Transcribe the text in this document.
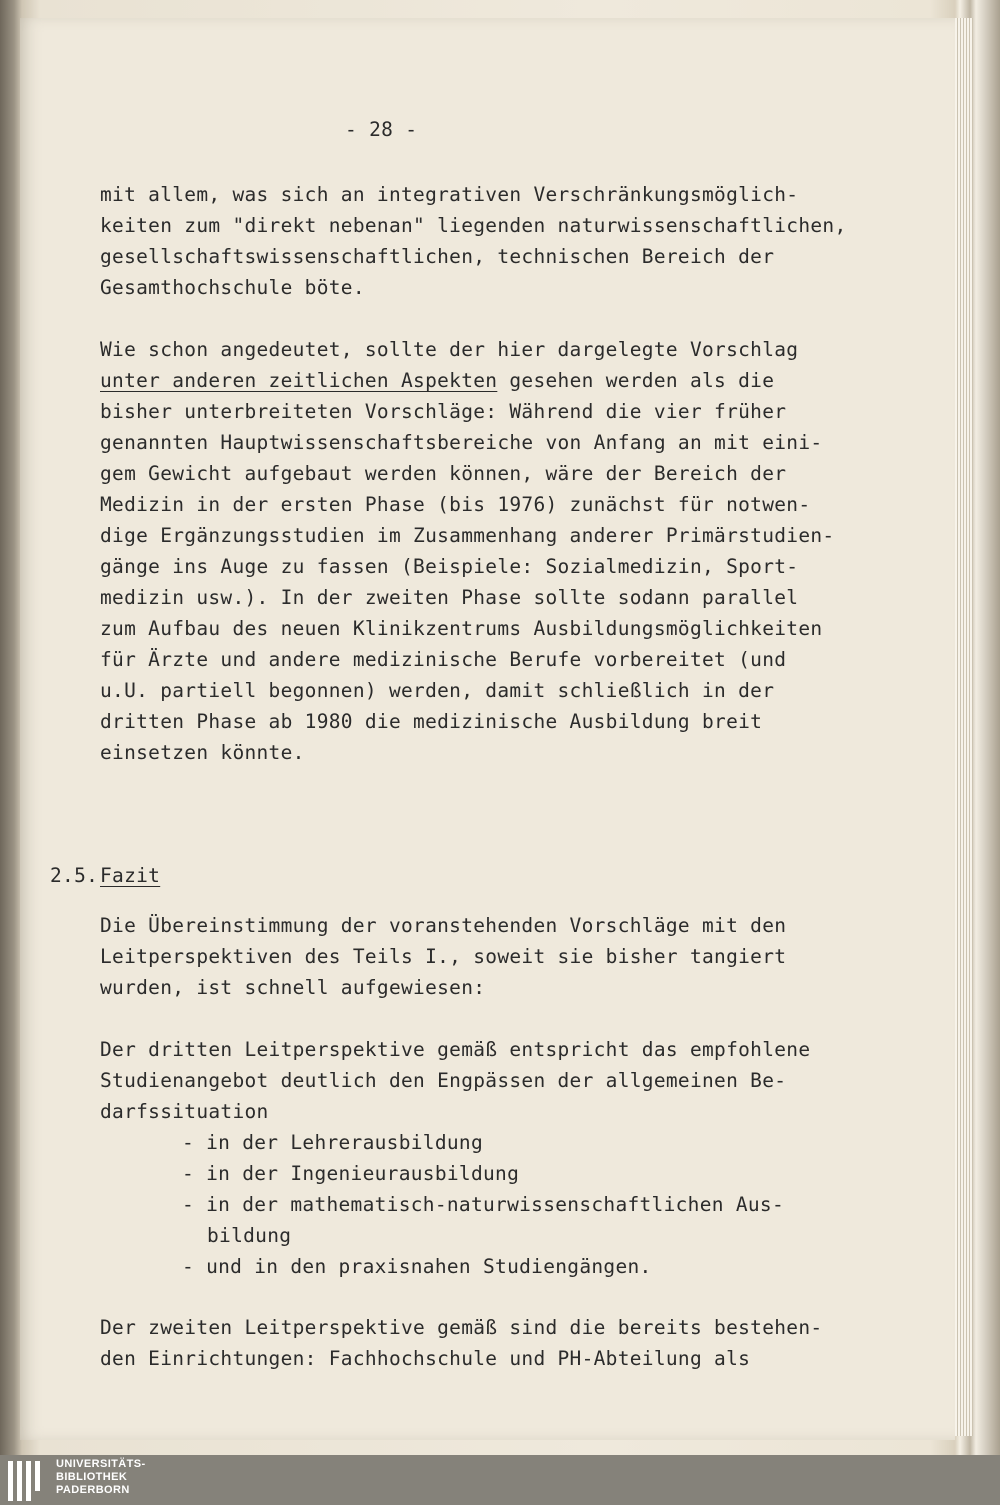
- 28 -
mit allem, was sich an integrativen Verschränkungsmöglich-
keiten zum "direkt nebenan" liegenden naturwissenschaftlichen,
gesellschaftswissenschaftlichen, technischen Bereich der
Gesamthochschule böte.
Wie schon angedeutet, sollte der hier dargelegte Vorschlag
unter anderen zeitlichen Aspekten gesehen werden als die
bisher unterbreiteten Vorschläge: Während die vier früher
genannten Hauptwissenschaftsbereiche von Anfang an mit eini-
gem Gewicht aufgebaut werden können, wäre der Bereich der
Medizin in der ersten Phase (bis 1976) zunächst für notwen-
dige Ergänzungsstudien im Zusammenhang anderer Primärstudien-
gänge ins Auge zu fassen (Beispiele: Sozialmedizin, Sport-
medizin usw.). In der zweiten Phase sollte sodann parallel
zum Aufbau des neuen Klinikzentrums Ausbildungsmöglichkeiten
für Ärzte und andere medizinische Berufe vorbereitet (und
u.U. partiell begonnen) werden, damit schließlich in der
dritten Phase ab 1980 die medizinische Ausbildung breit
einsetzen könnte.
2.5. Fazit
Die Übereinstimmung der voranstehenden Vorschläge mit den
Leitperspektiven des Teils I., soweit sie bisher tangiert
wurden, ist schnell aufgewiesen:
Der dritten Leitperspektive gemäß entspricht das empfohlene
Studienangebot deutlich den Engpässen der allgemeinen Be-
darfssituation
- in der Lehrerausbildung
- in der Ingenieurausbildung
- in der mathematisch-naturwissenschaftlichen Aus-
bildung
- und in den praxisnahen Studiengängen.
Der zweiten Leitperspektive gemäß sind die bereits bestehen-
den Einrichtungen: Fachhochschule und PH-Abteilung als
UNIVERSITÄTS-
BIBLIOTHEK
PADERBORN
